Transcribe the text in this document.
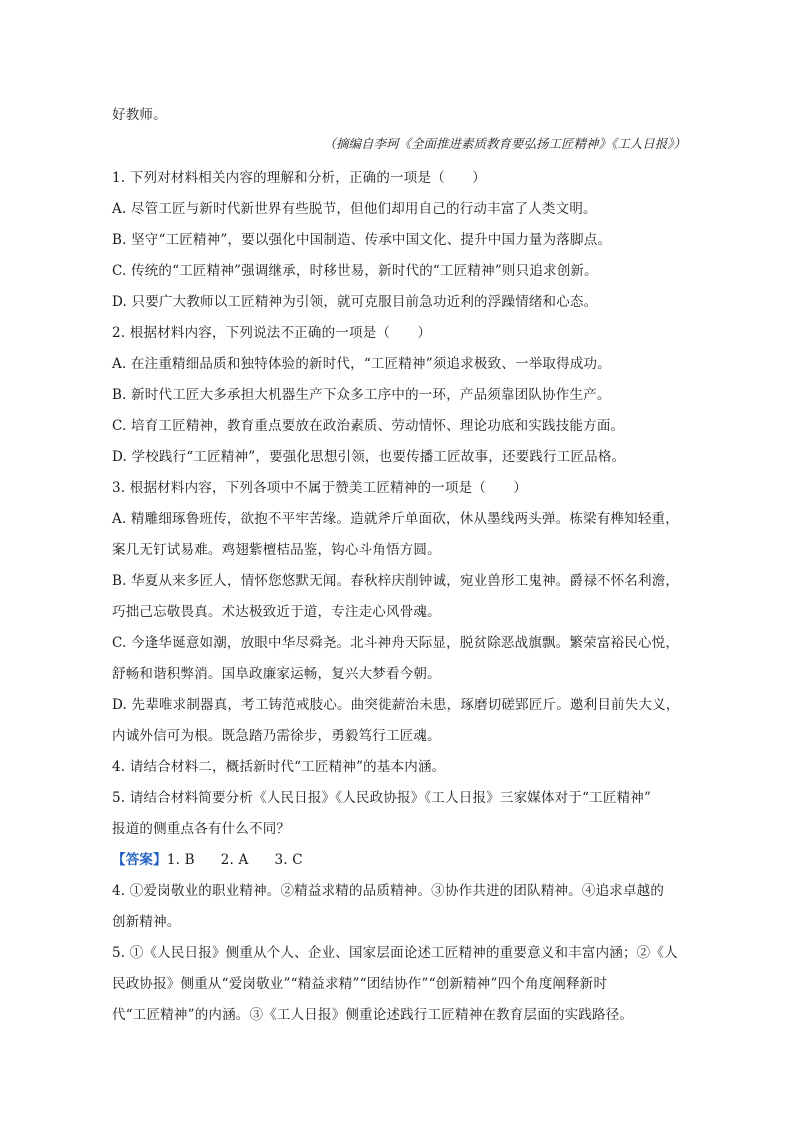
好教师。
（摘编自李珂《全面推进素质教育要弘扬工匠精神》《工人日报》）
1. 下列对材料相关内容的理解和分析，正确的一项是（　　）
A. 尽管工匠与新时代新世界有些脱节，但他们却用自己的行动丰富了人类文明。
B. 坚守“工匠精神”，要以强化中国制造、传承中国文化、提升中国力量为落脚点。
C. 传统的“工匠精神”强调继承，时移世易，新时代的“工匠精神”则只追求创新。
D. 只要广大教师以工匠精神为引领，就可克服目前急功近利的浮躁情绪和心态。
2. 根据材料内容，下列说法不正确的一项是（　　）
A. 在注重精细品质和独特体验的新时代，“工匠精神”须追求极致、一举取得成功。
B. 新时代工匠大多承担大机器生产下众多工序中的一环，产品须靠团队协作生产。
C. 培育工匠精神，教育重点要放在政治素质、劳动情怀、理论功底和实践技能方面。
D. 学校践行“工匠精神”，要强化思想引领，也要传播工匠故事，还要践行工匠品格。
3. 根据材料内容，下列各项中不属于赞美工匠精神的一项是（　　）
A. 精雕细琢鲁班传，欲抱不平牢苦缘。造就斧斤单面砍，休从墨线两头弹。栋梁有榫知轻重，
案几无钉试易难。鸡翅紫檀桔品鉴，钩心斗角悟方圆。
B. 华夏从来多匠人，情怀您悠默无闻。春秋梓庆削钟诚，宛业兽形工鬼神。爵禄不怀名利澹，
巧拙己忘敬畏真。术达极致近于道，专注走心风骨魂。
C. 今逢华诞意如潮，放眼中华尽舜尧。北斗神舟天际显，脱贫除恶战旗飘。繁荣富裕民心悦，
舒畅和谐积弊消。国阜政廉家运畅，复兴大梦看今朝。
D. 先辈唯求制器真，考工铸范戒肢心。曲突徙薪治未患，琢磨切磋郢匠斤。邀利目前失大义，
内诚外信可为根。既急踏乃需徐步，勇毅笃行工匠魂。
4. 请结合材料二，概括新时代“工匠精神”的基本内涵。
5. 请结合材料简要分析《人民日报》《人民政协报》《工人日报》三家媒体对于“工匠精神”
报道的侧重点各有什么不同？
【答案】1. B 2. A 3. C
4. ①爱岗敬业的职业精神。②精益求精的品质精神。③协作共进的团队精神。④追求卓越的
创新精神。
5. ①《人民日报》侧重从个人、企业、国家层面论述工匠精神的重要意义和丰富内涵；②《人
民政协报》侧重从“爱岗敬业”“精益求精”“团结协作”“创新精神”四个角度阐释新时
代“工匠精神”的内涵。③《工人日报》侧重论述践行工匠精神在教育层面的实践路径。
